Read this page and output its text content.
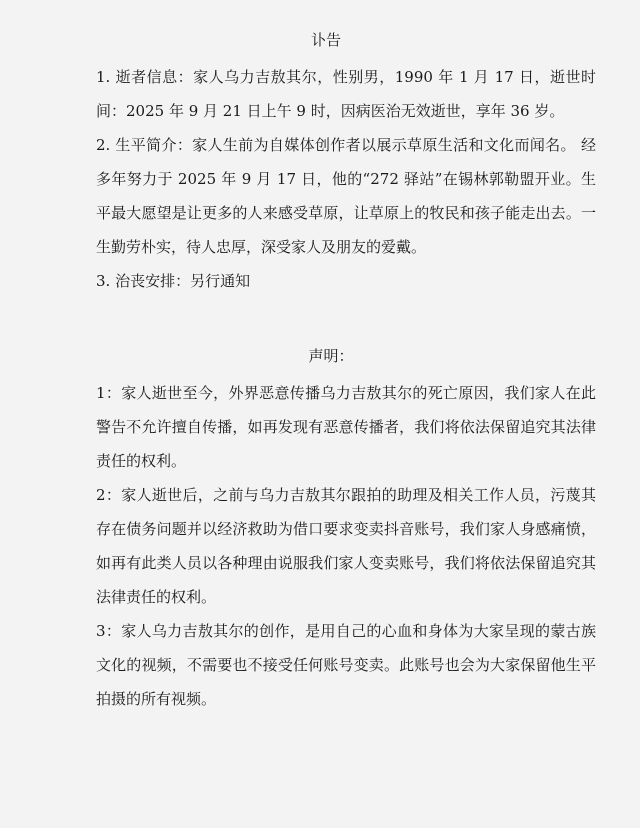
讣告

1. 逝者信息：家人乌力吉敖其尔，性别男，1990 年 1 月 17 日，逝世时间：2025 年 9 月 21 日上午 9 时，因病医治无效逝世，享年 36 岁。

2. 生平简介：家人生前为自媒体创作者以展示草原生活和文化而闻名。 经多年努力于 2025 年 9 月 17 日，他的“272 驿站”在锡林郭勒盟开业。生平最大愿望是让更多的人来感受草原，让草原上的牧民和孩子能走出去。一生勤劳朴实，待人忠厚，深受家人及朋友的爱戴。

3. 治丧安排：另行通知

声明：

1：家人逝世至今，外界恶意传播乌力吉敖其尔的死亡原因，我们家人在此警告不允许擅自传播，如再发现有恶意传播者，我们将依法保留追究其法律责任的权利。

2：家人逝世后，之前与乌力吉敖其尔跟拍的助理及相关工作人员，污蔑其存在债务问题并以经济救助为借口要求变卖抖音账号，我们家人身感痛愤，如再有此类人员以各种理由说服我们家人变卖账号，我们将依法保留追究其法律责任的权利。

3：家人乌力吉敖其尔的创作，是用自己的心血和身体为大家呈现的蒙古族文化的视频，不需要也不接受任何账号变卖。此账号也会为大家保留他生平拍摄的所有视频。
